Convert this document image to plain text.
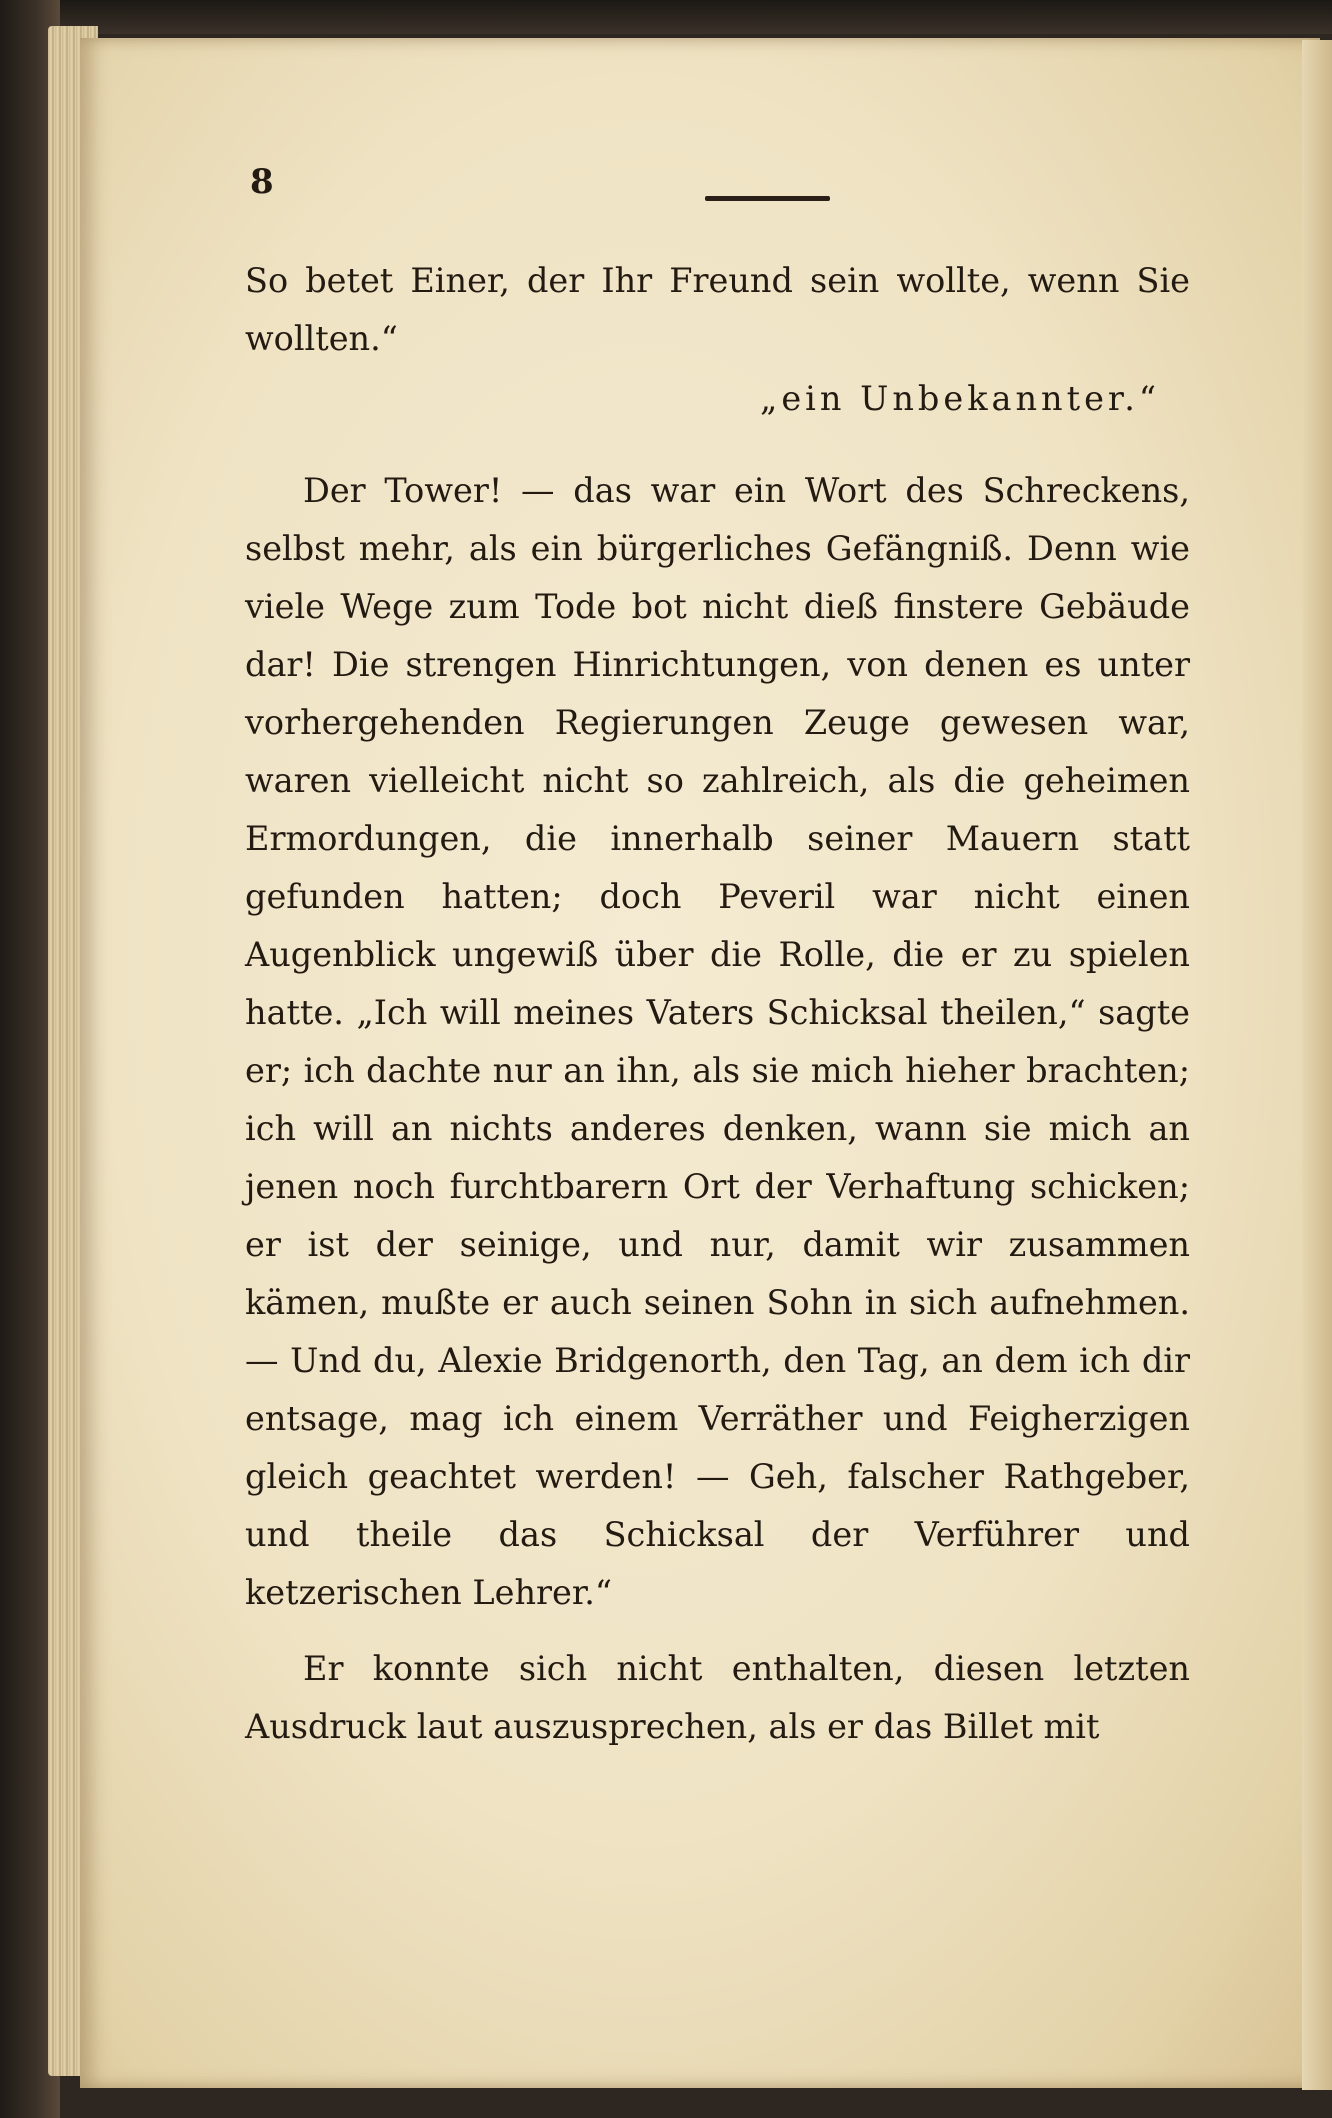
8

So betet Einer, der Ihr Freund sein wollte, wenn Sie wollten.“

„ein Unbekannter.“

Der Tower! — das war ein Wort des Schreckens, selbst mehr, als ein bürgerliches Gefängniß. Denn wie viele Wege zum Tode bot nicht dieß finstere Gebäude dar! Die strengen Hinrichtungen, von denen es unter vorhergehenden Regierungen Zeuge gewesen war, waren vielleicht nicht so zahlreich, als die geheimen Ermordungen, die innerhalb seiner Mauern statt gefunden hatten; doch Peveril war nicht einen Augenblick ungewiß über die Rolle, die er zu spielen hatte. „Ich will meines Vaters Schicksal theilen,“ sagte er; ich dachte nur an ihn, als sie mich hieher brachten; ich will an nichts anderes denken, wann sie mich an jenen noch furchtbarern Ort der Verhaftung schicken; er ist der seinige, und nur, damit wir zusammen kämen, mußte er auch seinen Sohn in sich aufnehmen. — Und du, Alexie Bridgenorth, den Tag, an dem ich dir entsage, mag ich einem Verräther und Feigherzigen gleich geachtet werden! — Geh, falscher Rathgeber, und theile das Schicksal der Verführer und ketzerischen Lehrer.“

Er konnte sich nicht enthalten, diesen letzten Ausdruck laut auszusprechen, als er das Billet mit
